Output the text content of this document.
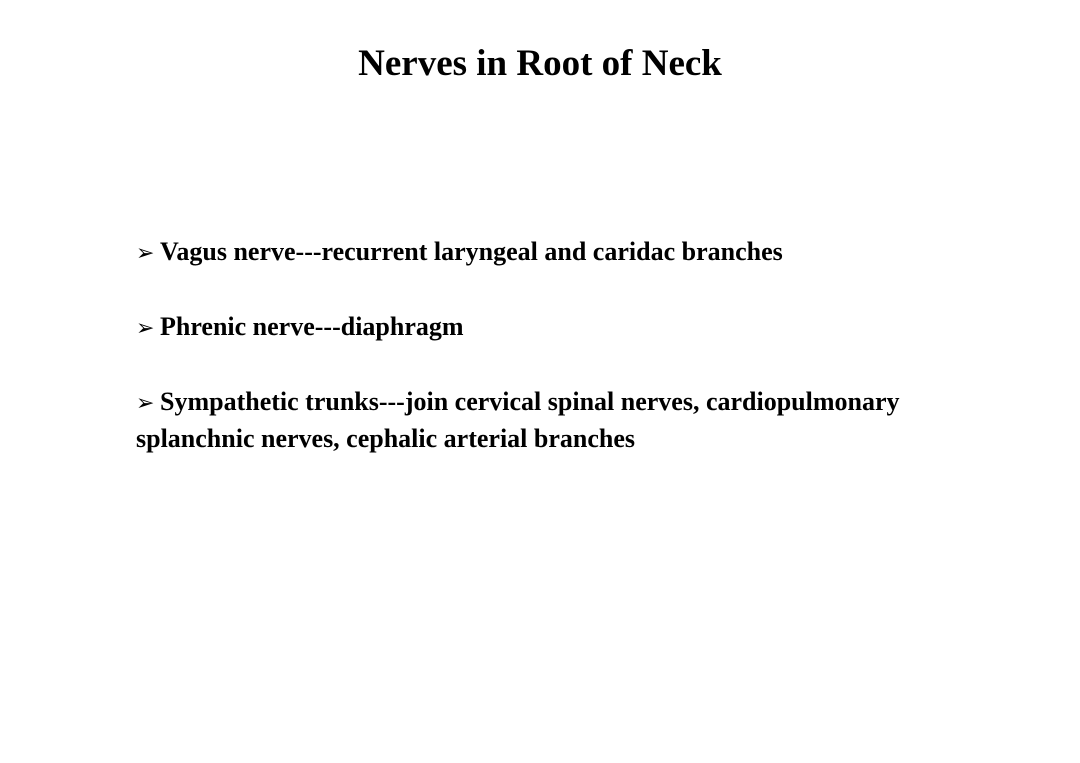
Nerves in Root of Neck
➢ Vagus nerve---recurrent laryngeal and caridac branches
➢ Phrenic nerve---diaphragm
➢ Sympathetic trunks---join cervical spinal nerves, cardiopulmonary splanchnic nerves, cephalic arterial branches
